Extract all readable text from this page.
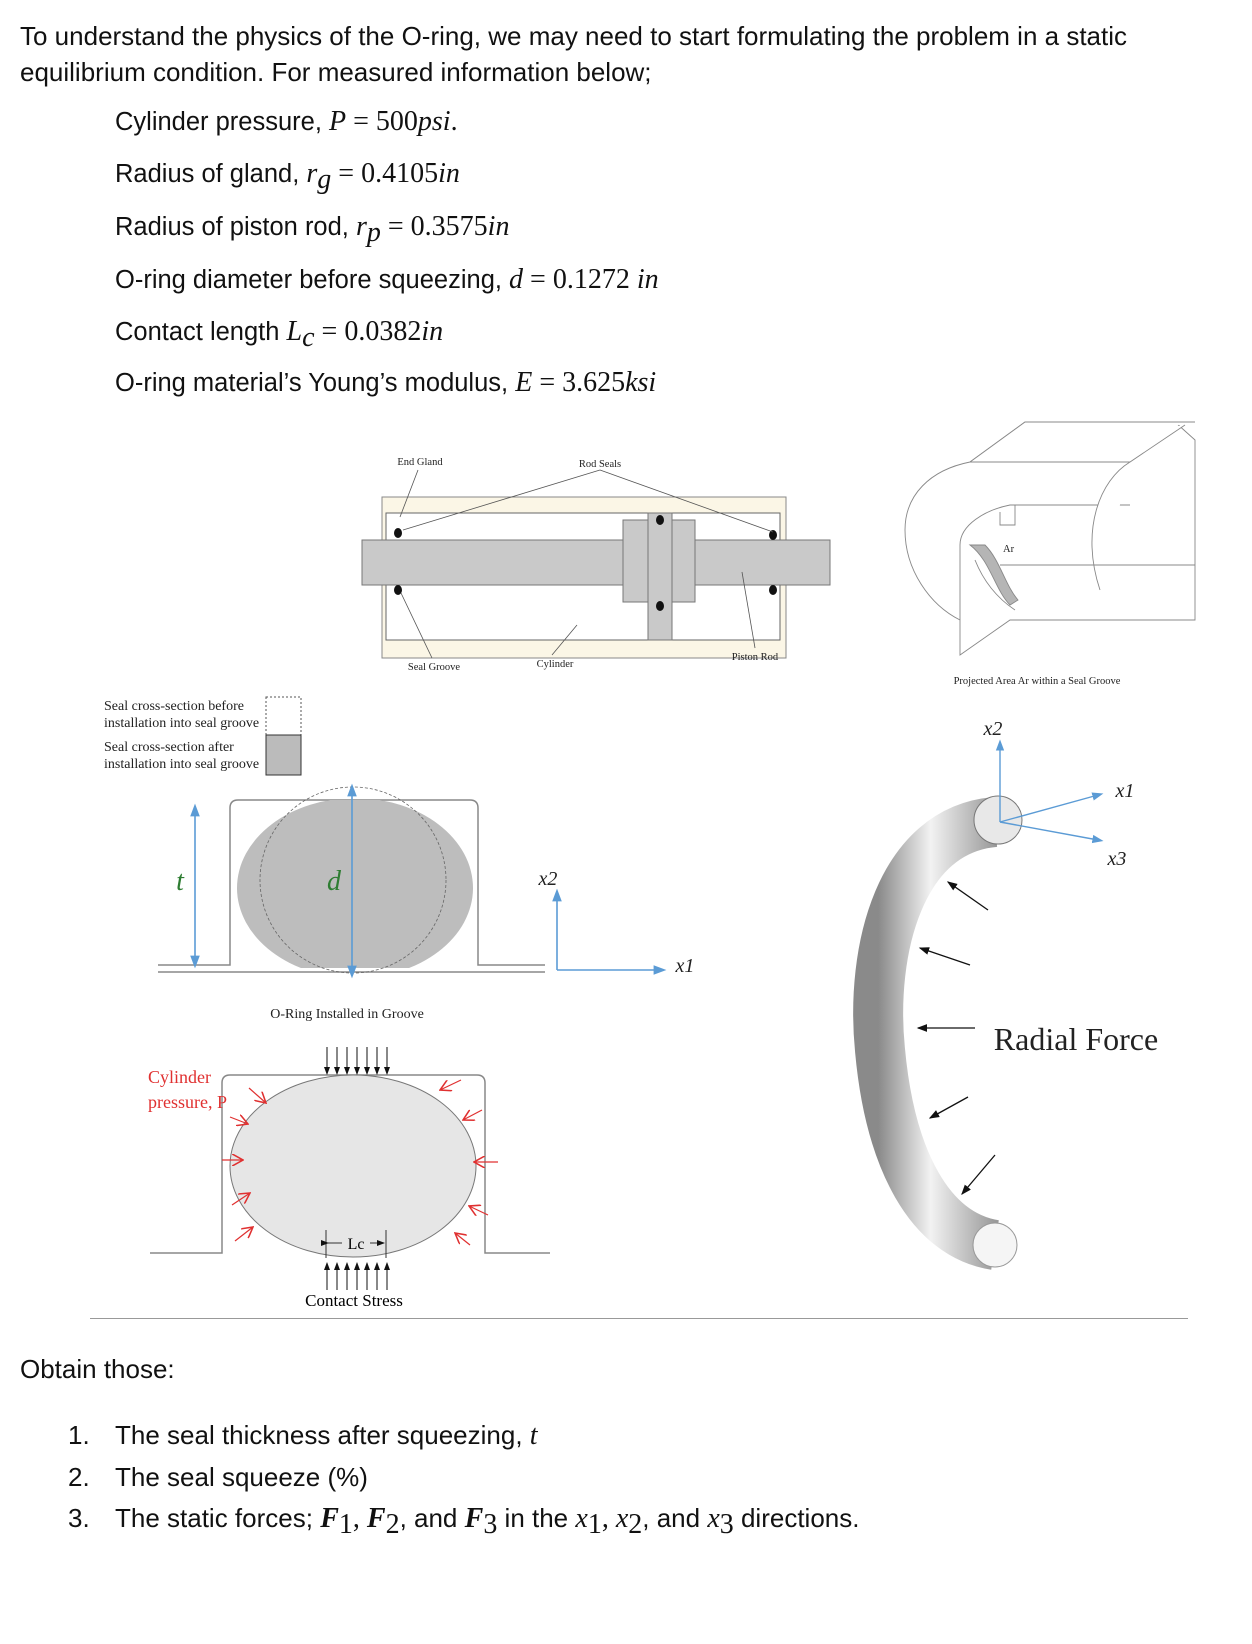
To understand the physics of the O-ring, we may need to start formulating the problem in a static
equilibrium condition. For measured information below;
Cylinder pressure, P = 500psi.
Radius of gland, $r_g = 0.4105in$
Radius of piston rod, $r_p = 0.3575in$
O-ring diameter before squeezing, d = 0.1272 in
Contact length $L_c = 0.0382in$
O-ring material’s Young’s modulus, E = 3.625ksi
End Gland	Rod Seals
Seal Groove	Cylinder
Piston Rod
Ar
Projected Area Ar within a Seal Groove
Seal cross-section before
installation into seal groove
Seal cross-section after
installation into seal groove
t	d	x2
x1
O-Ring Installed in Groove
Cylinder
pressure, P
Lc
Contact Stress
x2
x1
x3
Radial Force
Obtain those:
1. The seal thickness after squeezing, t
2. The seal squeeze (%)
3. The static forces; $F_1$, $F_2$, and $F_3$ in the $x_1$, $x_2$, and $x_3$ directions.
